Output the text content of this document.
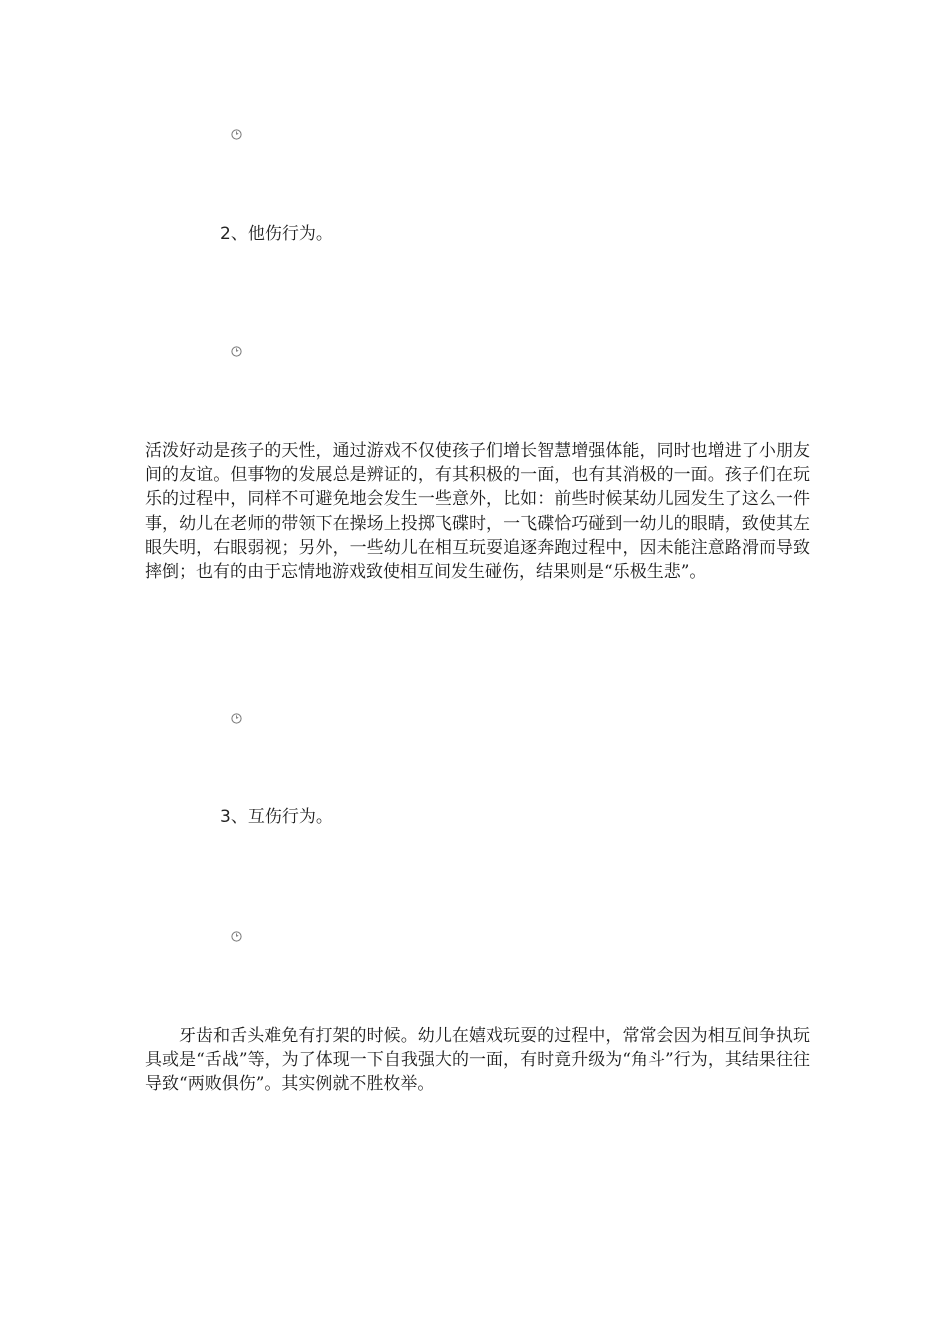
2、他伤行为。
活泼好动是孩子的天性，通过游戏不仅使孩子们增长智慧增强体能，同时也增进了小朋友间的友谊。但事物的发展总是辨证的，有其积极的一面，也有其消极的一面。孩子们在玩乐的过程中，同样不可避免地会发生一些意外，比如：前些时候某幼儿园发生了这么一件事，幼儿在老师的带领下在操场上投掷飞碟时，一飞碟恰巧碰到一幼儿的眼睛，致使其左眼失明，右眼弱视；另外，一些幼儿在相互玩耍追逐奔跑过程中，因未能注意路滑而导致摔倒；也有的由于忘情地游戏致使相互间发生碰伤，结果则是“乐极生悲”。
3、互伤行为。
牙齿和舌头难免有打架的时候。幼儿在嬉戏玩耍的过程中，常常会因为相互间争执玩具或是“舌战”等，为了体现一下自我强大的一面，有时竟升级为“角斗”行为，其结果往往导致“两败俱伤”。其实例就不胜枚举。
